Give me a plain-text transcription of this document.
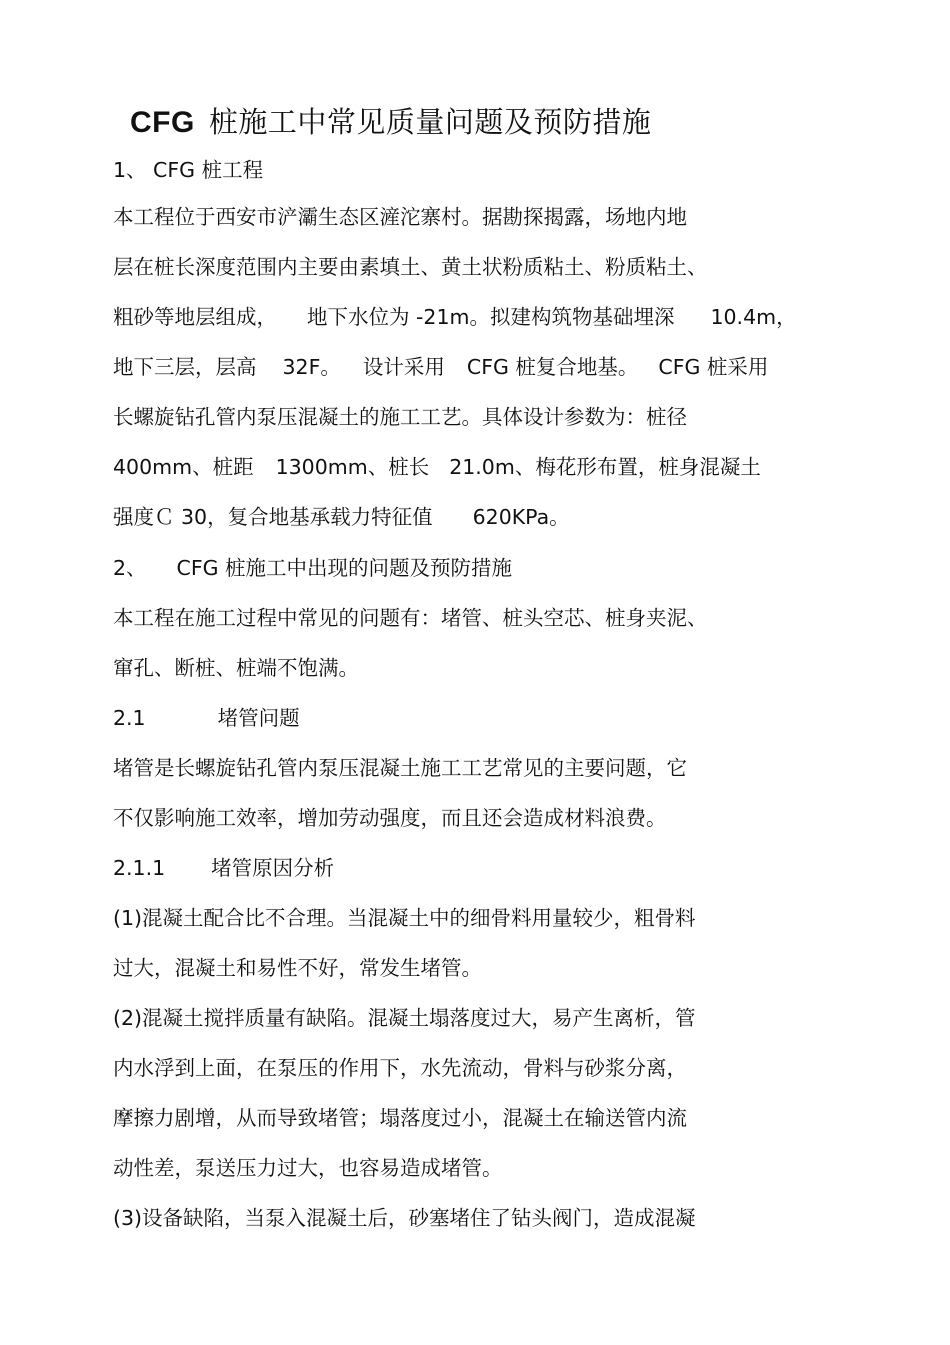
CFG 桩施工中常见质量问题及预防措施
1、 CFG 桩工程
本工程位于西安市浐灞生态区滻沱寨村。据勘探揭露，场地内地
层在桩长深度范围内主要由素填土、黄土状粉质粘土、粉质粘土、
粗砂等地层组成， 地下水位为 -21m。拟建构筑物基础埋深 10.4m，
地下三层，层高 32F。 设计采用 CFG 桩复合地基。 CFG 桩采用
长螺旋钻孔管内泵压混凝土的施工工艺。具体设计参数为：桩径
400mm、桩距 1300mm、桩长 21.0m、梅花形布置，桩身混凝土
强度Ｃ 30，复合地基承载力特征值 620KPa。
2、 CFG 桩施工中出现的问题及预防措施
本工程在施工过程中常见的问题有：堵管、桩头空芯、桩身夹泥、
窜孔、断桩、桩端不饱满。
2.1	堵管问题
堵管是长螺旋钻孔管内泵压混凝土施工工艺常见的主要问题，它
不仅影响施工效率，增加劳动强度，而且还会造成材料浪费。
2.1.1 堵管原因分析
(1)混凝土配合比不合理。当混凝土中的细骨料用量较少，粗骨料
过大，混凝土和易性不好，常发生堵管。
(2)混凝土搅拌质量有缺陷。混凝土塌落度过大，易产生离析，管
内水浮到上面，在泵压的作用下，水先流动，骨料与砂浆分离，
摩擦力剧增，从而导致堵管；塌落度过小，混凝土在输送管内流
动性差，泵送压力过大，也容易造成堵管。
(3)设备缺陷，当泵入混凝土后，砂塞堵住了钻头阀门，造成混凝
